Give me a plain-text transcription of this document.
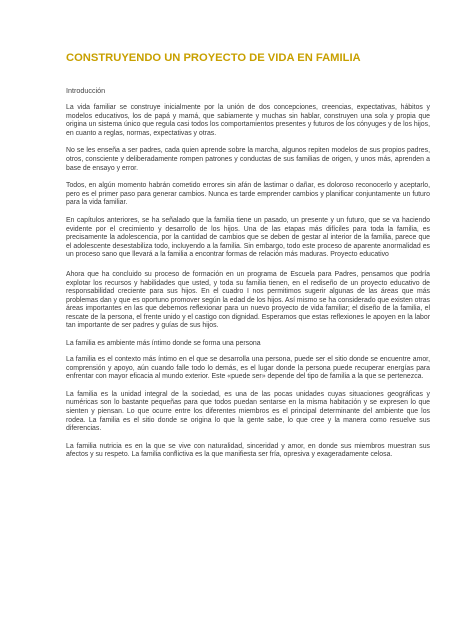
CONSTRUYENDO UN PROYECTO DE VIDA EN FAMILIA
Introducción

La vida familiar se construye inicialmente por la unión de dos concepciones, creencias, expectativas, hábitos y modelos educativos, los de papá y mamá, que sabiamente y muchas sin hablar, construyen una sola y propia que origina un sistema único que regula casi todos los comportamientos presentes y futuros de los cónyuges y de los hijos, en cuanto a reglas, normas, expectativas y otras.

No se les enseña a ser padres, cada quien aprende sobre la marcha, algunos repiten modelos de sus propios padres, otros, consciente y deliberadamente rompen patrones y conductas de sus familias de origen, y unos más, aprenden a base de ensayo y error.

Todos, en algún momento habrán cometido errores sin afán de lastimar o dañar, es doloroso reconocerlo y aceptarlo, pero es el primer paso para generar cambios. Nunca es tarde emprender cambios y planificar conjuntamente un futuro para la vida familiar.

En capítulos anteriores, se ha señalado que la familia tiene un pasado, un presente y un futuro, que se va haciendo evidente por el crecimiento y desarrollo de los hijos. Una de las etapas más difíciles para toda la familia, es precisamente la adolescencia, por la cantidad de cambios que se deben de gestar al interior de la familia, parece que el adolescente desestabiliza todo, incluyendo a la familia. Sin embargo, todo este proceso de aparente anormalidad es un proceso sano que llevará a la familia a encontrar formas de relación más maduras. Proyecto educativo

Ahora que ha concluido su proceso de formación en un programa de Escuela para Padres, pensamos que podría explotar los recursos y habilidades que usted, y toda su familia tienen, en el rediseño de un proyecto educativo de responsabilidad creciente para sus hijos. En el cuadro I nos permitimos sugerir algunas de las áreas que más problemas dan y que es oportuno promover según la edad de los hijos. Así mismo se ha considerado que existen otras áreas importantes en las que debemos reflexionar para un nuevo proyecto de vida familiar; el diseño de la familia, el rescate de la persona, el frente unido y el castigo con dignidad. Esperamos que estas reflexiones le apoyen en la labor tan importante de ser padres y guías de sus hijos.

La familia es ambiente más íntimo donde se forma una persona

La familia es el contexto más íntimo en el que se desarrolla una persona, puede ser el sitio donde se encuentre amor, comprensión y apoyo, aún cuando falle todo lo demás, es el lugar donde la persona puede recuperar energías para enfrentar con mayor eficacia al mundo exterior. Este «puede ser» depende del tipo de familia a la que se pertenezca.

La familia es la unidad integral de la sociedad, es una de las pocas unidades cuyas situaciones geográficas y numéricas son lo bastante pequeñas para que todos puedan sentarse en la misma habitación y se expresen lo que sienten y piensan. Lo que ocurre entre los diferentes miembros es el principal determinante del ambiente que los rodea. La familia es el sitio donde se origina lo que la gente sabe, lo que cree y la manera como resuelve sus diferencias.

La familia nutricia es en la que se vive con naturalidad, sinceridad y amor, en donde sus miembros muestran sus afectos y su respeto. La familia conflictiva es la que manifiesta ser fría, opresiva y exageradamente celosa.
